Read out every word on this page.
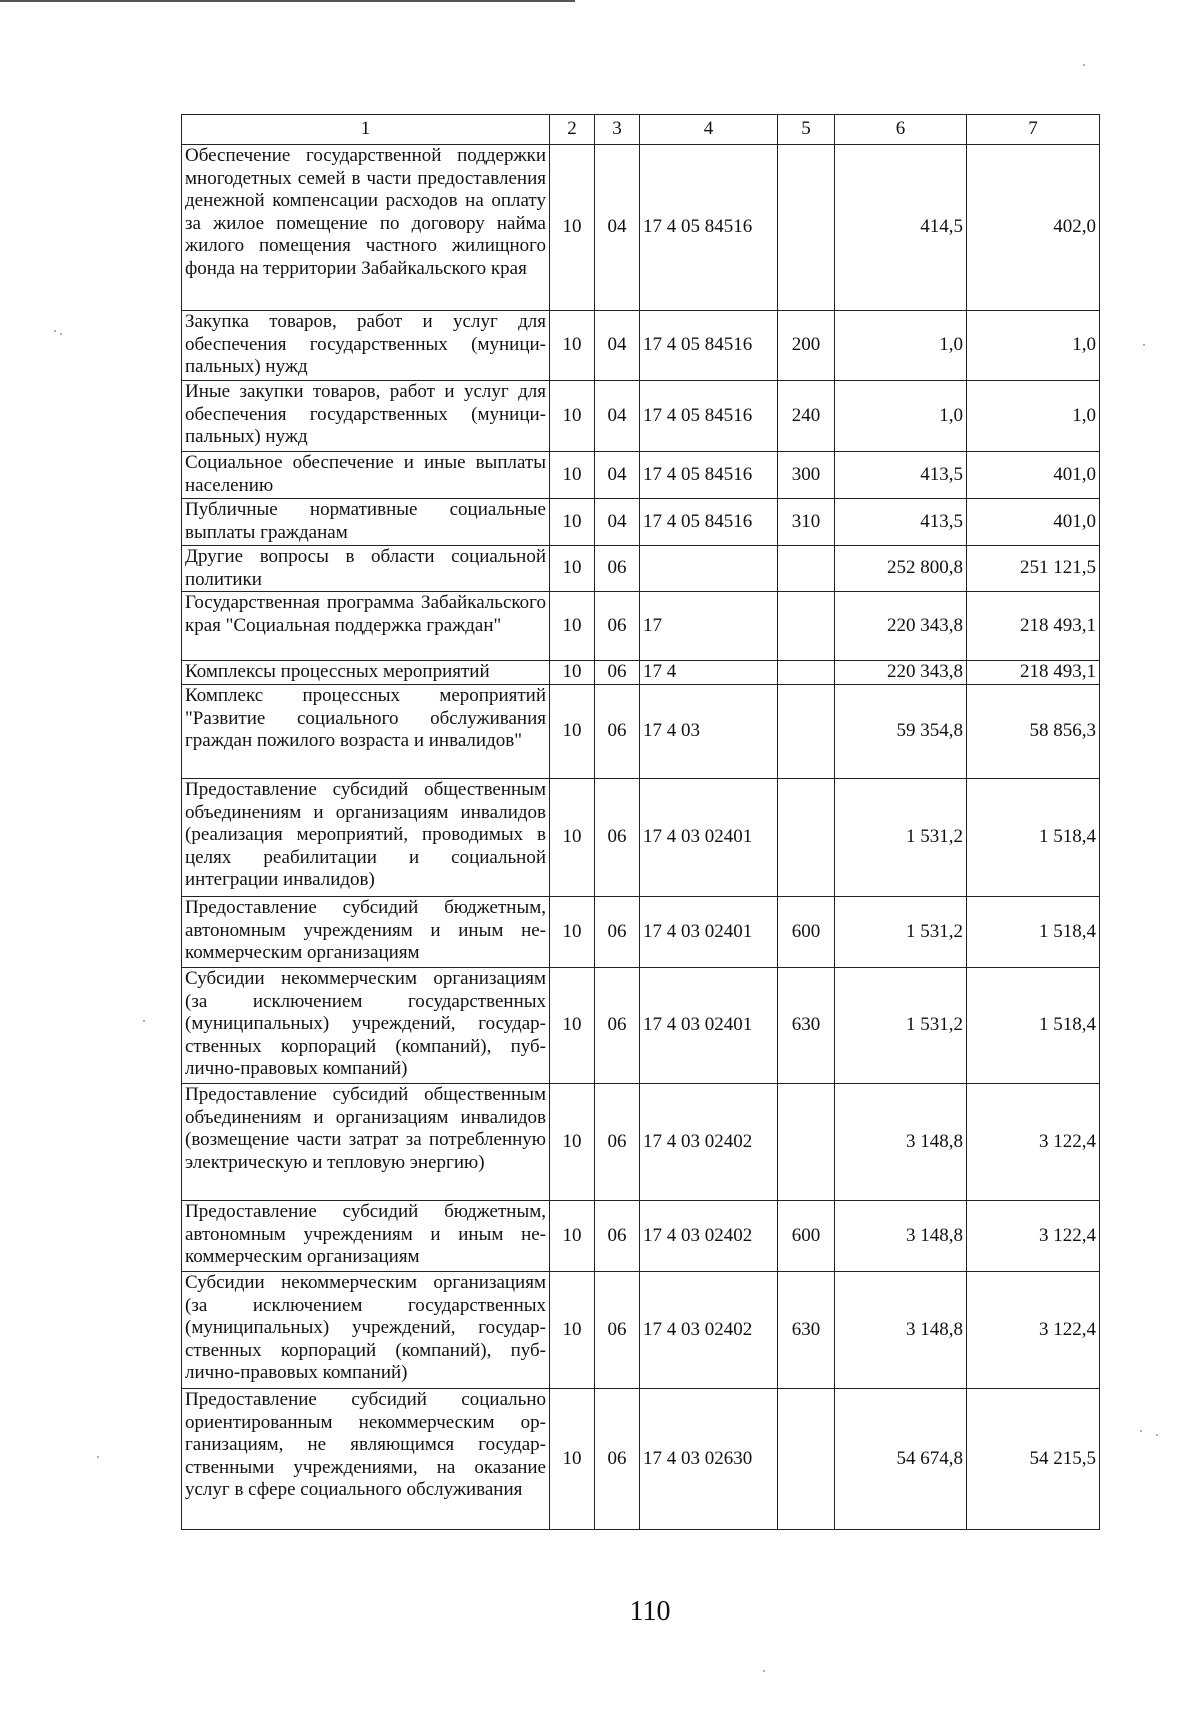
1	2	3	4	5	6	7
Обеспечение государственной поддержки многодетных семей в части предоставления денежной компенсации расходов на оплату за жилое помещение по договору найма жилого помещения частного жилищного фонда на территории Забайкальского края	10	04	17 4 05 84516		414,5	402,0
Закупка товаров, работ и услуг для обеспечения государственных (муниципальных) нужд	10	04	17 4 05 84516	200	1,0	1,0
Иные закупки товаров, работ и услуг для обеспечения государственных (муниципальных) нужд	10	04	17 4 05 84516	240	1,0	1,0
Социальное обеспечение и иные выплаты населению	10	04	17 4 05 84516	300	413,5	401,0
Публичные нормативные социальные выплаты гражданам	10	04	17 4 05 84516	310	413,5	401,0
Другие вопросы в области социальной политики	10	06			252 800,8	251 121,5
Государственная программа Забайкальского края "Социальная поддержка граждан"	10	06	17		220 343,8	218 493,1
Комплексы процессных мероприятий	10	06	17 4		220 343,8	218 493,1
Комплекс процессных мероприятий "Развитие социального обслуживания граждан пожилого возраста и инвалидов"	10	06	17 4 03		59 354,8	58 856,3
Предоставление субсидий общественным объединениям и организациям инвалидов (реализация мероприятий, проводимых в целях реабилитации и социальной интеграции инвалидов)	10	06	17 4 03 02401		1 531,2	1 518,4
Предоставление субсидий бюджетным, автономным учреждениям и иным некоммерческим организациям	10	06	17 4 03 02401	600	1 531,2	1 518,4
Субсидии некоммерческим организациям (за исключением государственных (муниципальных) учреждений, государственных корпораций (компаний), публично-правовых компаний)	10	06	17 4 03 02401	630	1 531,2	1 518,4
Предоставление субсидий общественным объединениям и организациям инвалидов (возмещение части затрат за потребленную электрическую и тепловую энергию)	10	06	17 4 03 02402		3 148,8	3 122,4
Предоставление субсидий бюджетным, автономным учреждениям и иным некоммерческим организациям	10	06	17 4 03 02402	600	3 148,8	3 122,4
Субсидии некоммерческим организациям (за исключением государственных (муниципальных) учреждений, государственных корпораций (компаний), публично-правовых компаний)	10	06	17 4 03 02402	630	3 148,8	3 122,4
Предоставление субсидий социально ориентированным некоммерческим организациям, не являющимся государственными учреждениями, на оказание услуг в сфере социального обслуживания	10	06	17 4 03 02630		54 674,8	54 215,5
110
